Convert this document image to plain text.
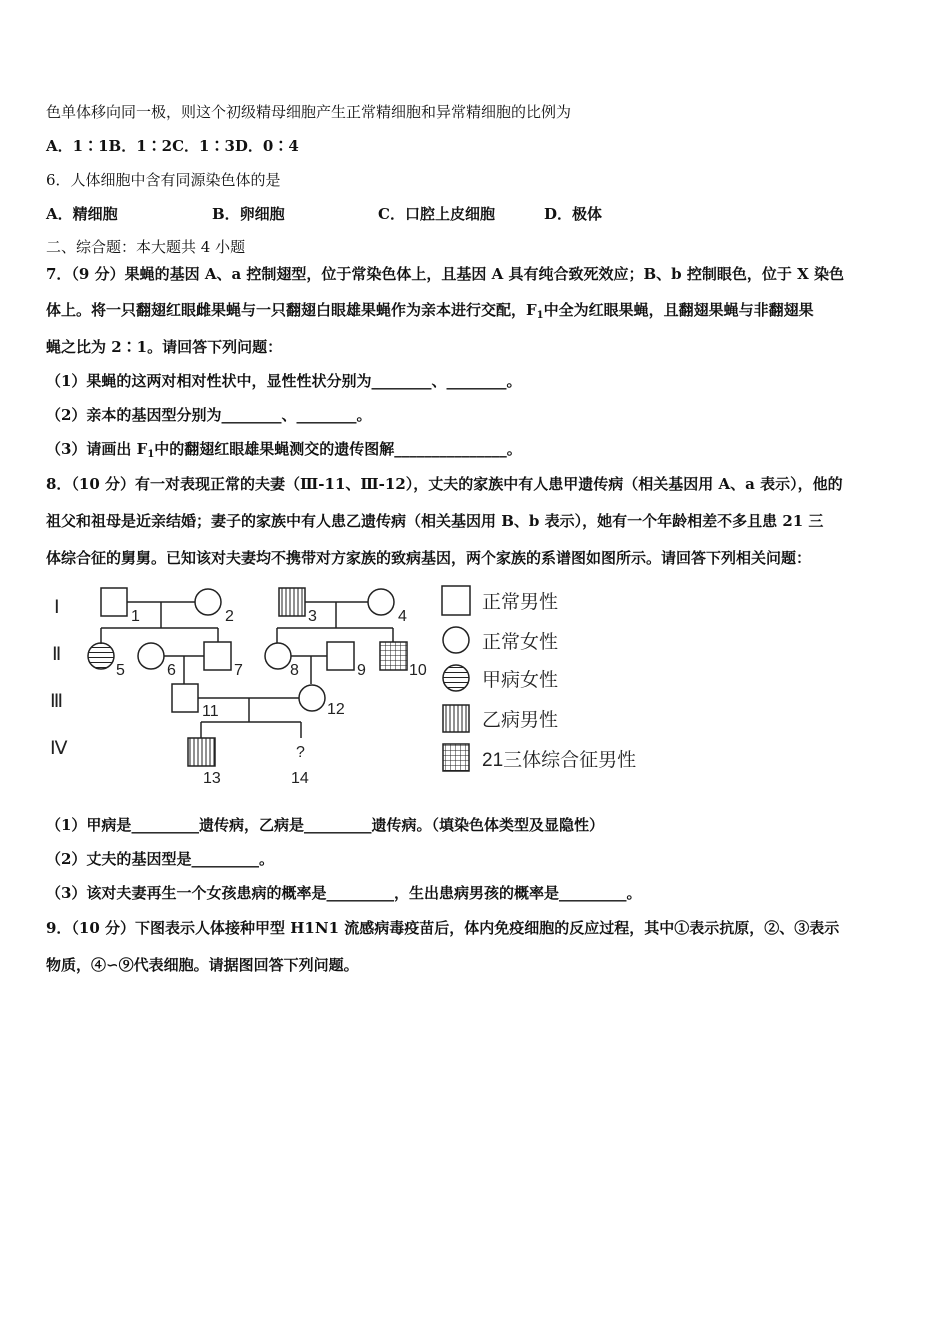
色单体移向同一极，则这个初级精母细胞产生正常精细胞和异常精细胞的比例为
A．1∶1B．1∶2C．1∶3D．0∶4
6．人体细胞中含有同源染色体的是
A．精细胞	B．卵细胞	C．口腔上皮细胞	D．极体
二、综合题：本大题共 4 小题
7．（9 分）果蝇的基因 A、a 控制翅型，位于常染色体上，且基因 A 具有纯合致死效应；B、b 控制眼色，位于 X 染色
体上。将一只翻翅红眼雌果蝇与一只翻翅白眼雄果蝇作为亲本进行交配，$F_1$中全为红眼果蝇，且翻翅果蝇与非翻翅果
蝇之比为 2∶1。请回答下列问题：
（1）果蝇的这两对相对性状中，显性性状分别为________、________。
（2）亲本的基因型分别为________、________。
（3）请画出 $F_1$中的翻翅红眼雄果蝇测交的遗传图解_______________。
8．（10 分）有一对表现正常的夫妻（Ⅲ-11、Ⅲ-12），丈夫的家族中有人患甲遗传病（相关基因用 A、a 表示），他的
祖父和祖母是近亲结婚；妻子的家族中有人患乙遗传病（相关基因用 B、b 表示），她有一个年龄相差不多且患 21 三
体综合征的舅舅。已知该对夫妻均不携带对方家族的致病基因，两个家族的系谱图如图所示。请回答下列相关问题：
Ⅰ
Ⅱ
Ⅲ
Ⅳ
1	2	3	4
5	6	7	8	9	10
11	12
13	14
?
正常男性
正常女性
甲病女性
乙病男性
21三体综合征男性
（1）甲病是_________遗传病，乙病是_________遗传病。（填染色体类型及显隐性）
（2）丈夫的基因型是_________。
（3）该对夫妻再生一个女孩患病的概率是_________，生出患病男孩的概率是_________。
9．（10 分）下图表示人体接种甲型 H1N1 流感病毒疫苗后，体内免疫细胞的反应过程，其中①表示抗原，②、③表示
物质，④∽⑨代表细胞。请据图回答下列问题。
